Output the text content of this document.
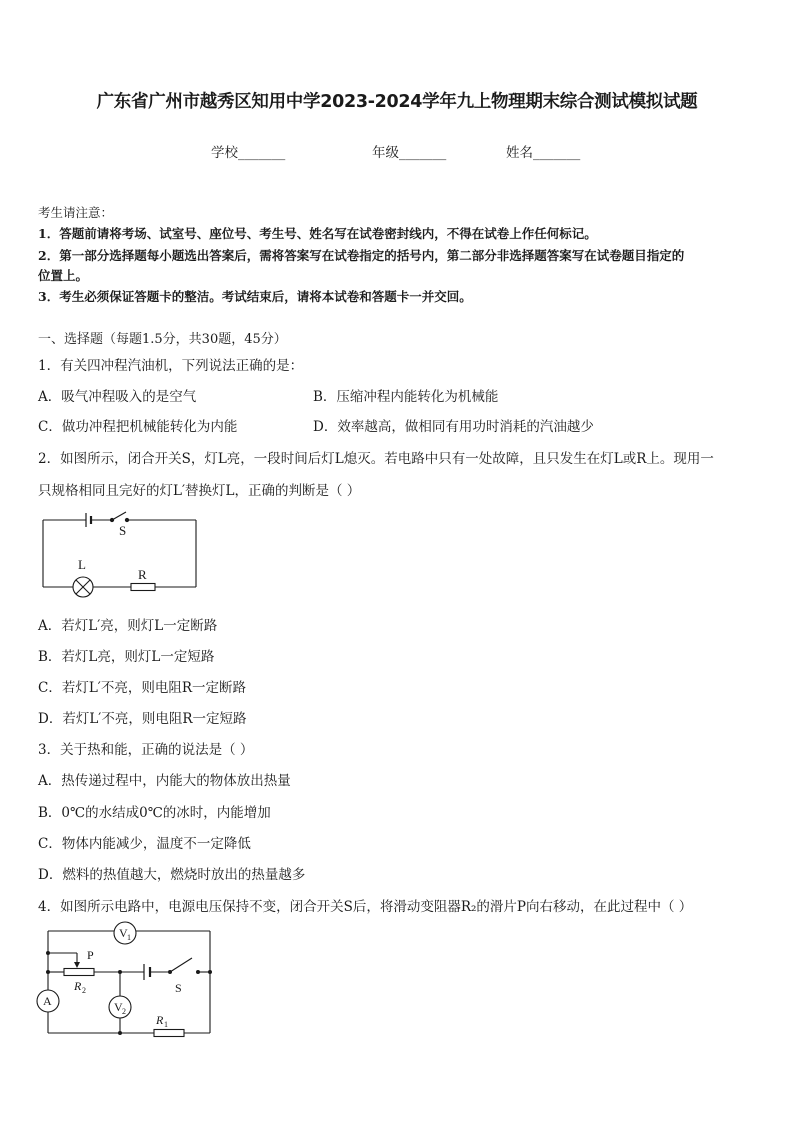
广东省广州市越秀区知用中学2023-2024学年九上物理期末综合测试模拟试题
学校_______	年级_______	姓名_______
考生请注意：
1．答题前请将考场、试室号、座位号、考生号、姓名写在试卷密封线内，不得在试卷上作任何标记。
2．第一部分选择题每小题选出答案后，需将答案写在试卷指定的括号内，第二部分非选择题答案写在试卷题目指定的
位置上。
3．考生必须保证答题卡的整洁。考试结束后，请将本试卷和答题卡一并交回。
一、选择题（每题1.5分，共30题，45分）
1．有关四冲程汽油机，下列说法正确的是：
A．吸气冲程吸入的是空气	B．压缩冲程内能转化为机械能
C．做功冲程把机械能转化为内能	D．效率越高，做相同有用功时消耗的汽油越少
2．如图所示，闭合开关S，灯L亮，一段时间后灯L熄灭。若电路中只有一处故障，且只发生在灯L或R上。现用一
只规格相同且完好的灯L′替换灯L，正确的判断是（ ）
S
L
R
A．若灯L′亮，则灯L一定断路
B．若灯L亮，则灯L一定短路
C．若灯L′不亮，则电阻R一定断路
D．若灯L′不亮，则电阻R一定短路
3．关于热和能，正确的说法是（ ）
A．热传递过程中，内能大的物体放出热量
B．0℃的水结成0℃的冰时，内能增加
C．物体内能减少，温度不一定降低
D．燃料的热值越大，燃烧时放出的热量越多
4．如图所示电路中，电源电压保持不变，闭合开关S后，将滑动变阻器R₂的滑片P向右移动，在此过程中（ ）
V 1
V 2
A
P
R 2
R 1
S
